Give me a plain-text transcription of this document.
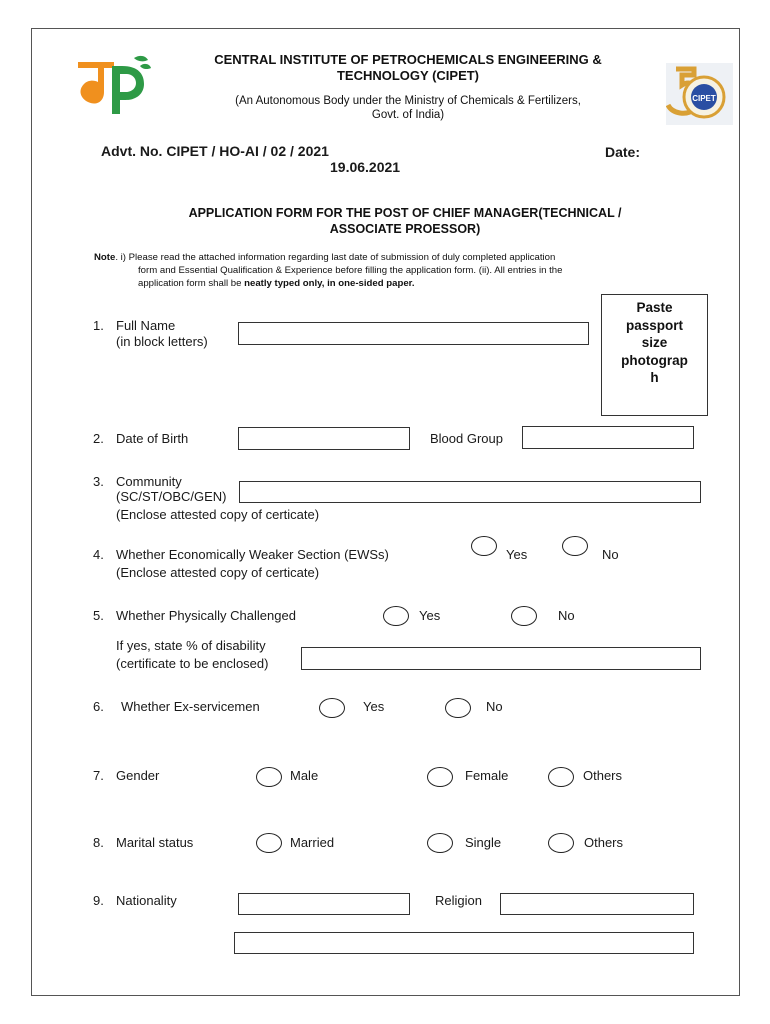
CIPET
CENTRAL INSTITUTE OF PETROCHEMICALS ENGINEERING &
TECHNOLOGY (CIPET)
(An Autonomous Body under the Ministry of Chemicals & Fertilizers,
Govt. of India)
Advt. No. CIPET / HO-AI / 02 / 2021
19.06.2021
Date:
APPLICATION FORM FOR THE POST OF CHIEF MANAGER(TECHNICAL /
ASSOCIATE PROESSOR)
Note. i) Please read the attached information regarding last date of submission of duly completed application
form and Essential Qualification & Experience before filling the application form. (ii). All entries in the
application form shall be neatly typed only, in one-sided paper.
Paste
passport
size
photograp
h
1. Full Name
(in block letters)
2. Date of Birth	Blood Group
3. Community
(SC/ST/OBC/GEN)
(Enclose attested copy of certicate)
4. Whether Economically Weaker Section (EWSs)
(Enclose attested copy of certicate)
Yes	No
5. Whether Physically Challenged	Yes	No
If yes, state % of disability
(certificate to be enclosed)
6. Whether Ex-servicemen	Yes	No
7. Gender	Male	Female	Others
8. Marital status	Married	Single	Others
9. Nationality	Religion
